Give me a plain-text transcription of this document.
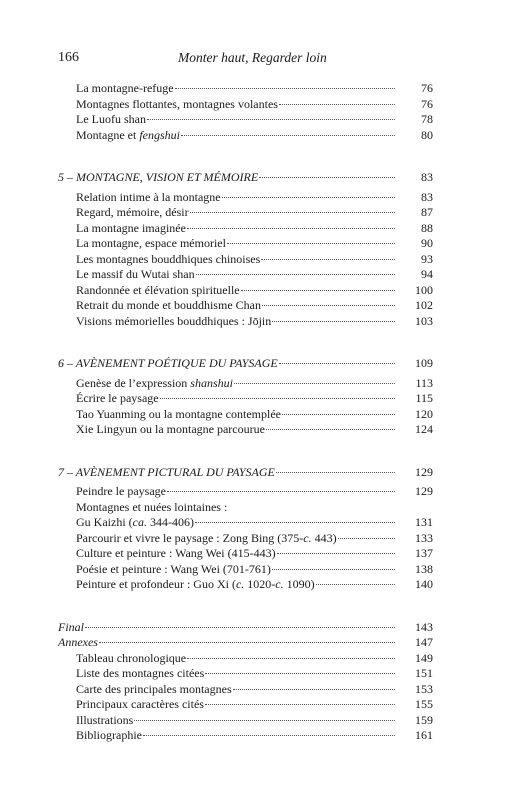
166	Monter haut, Regarder loin
La montagne-refuge	76
Montagnes flottantes, montagnes volantes	76
Le Luofu shan	78
Montagne et fengshui	80
5 – MONTAGNE, VISION ET MÉMOIRE	83
Relation intime à la montagne	83
Regard, mémoire, désir	87
La montagne imaginée	88
La montagne, espace mémoriel	90
Les montagnes bouddhiques chinoises	93
Le massif du Wutai shan	94
Randonnée et élévation spirituelle	100
Retrait du monde et bouddhisme Chan	102
Visions mémorielles bouddhiques : Jōjin	103
6 – AVÈNEMENT POÉTIQUE DU PAYSAGE	109
Genèse de l’expression shanshui	113
Écrire le paysage	115
Tao Yuanming ou la montagne contemplée	120
Xie Lingyun ou la montagne parcourue	124
7 – AVÈNEMENT PICTURAL DU PAYSAGE	129
Peindre le paysage	129
Montagnes et nuées lointaines :
Gu Kaizhi (ca. 344-406)	131
Parcourir et vivre le paysage : Zong Bing (375-c. 443)	133
Culture et peinture : Wang Wei (415-443)	137
Poésie et peinture : Wang Wei (701-761)	138
Peinture et profondeur : Guo Xi (c. 1020-c. 1090)	140
Final	143
Annexes	147
Tableau chronologique	149
Liste des montagnes citées	151
Carte des principales montagnes	153
Principaux caractères cités	155
Illustrations	159
Bibliographie	161
